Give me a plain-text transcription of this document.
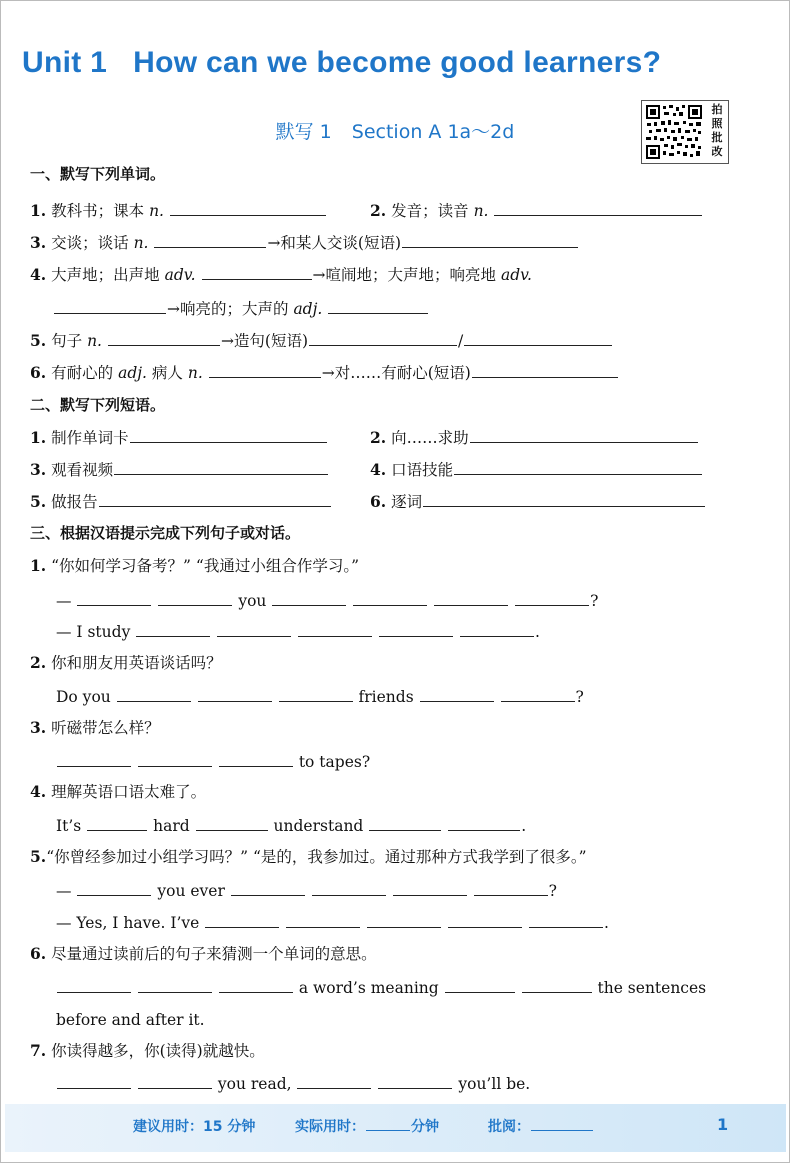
Unit 1 How can we become good learners?
默写 1 Section A 1a～2d
拍
照
批
改
一、默写下列单词。
1. 教科书；课本 n.	2. 发音；读音 n.
3. 交谈；谈话 n.	→和某人交谈(短语)
4. 大声地；出声地 adv.	→喧闹地；大声地；响亮地 adv.
→响亮的；大声的 adj.
5. 句子 n.	→造句(短语)	/
6. 有耐心的 adj. 病人 n.	→对……有耐心(短语)
二、默写下列短语。
1. 制作单词卡	2. 向……求助
3. 观看视频	4. 口语技能
5. 做报告	6. 逐词
三、根据汉语提示完成下列句子或对话。
1. “你如何学习备考？” “我通过小组合作学习。”
—	you	?
— I study	.
2. 你和朋友用英语谈话吗？
Do you	friends	?
3. 听磁带怎么样？
to tapes?
4. 理解英语口语太难了。
It’s	hard	understand	.
5.“你曾经参加过小组学习吗？” “是的，我参加过。通过那种方式我学到了很多。”
—	you ever	?
— Yes, I have. I’ve	.
6. 尽量通过读前后的句子来猜测一个单词的意思。
a word’s meaning	the sentences
before and after it.
7. 你读得越多，你(读得)就越快。
you read,	you’ll be.
建议用时：15 分钟	实际用时：	分钟	批阅：	1
